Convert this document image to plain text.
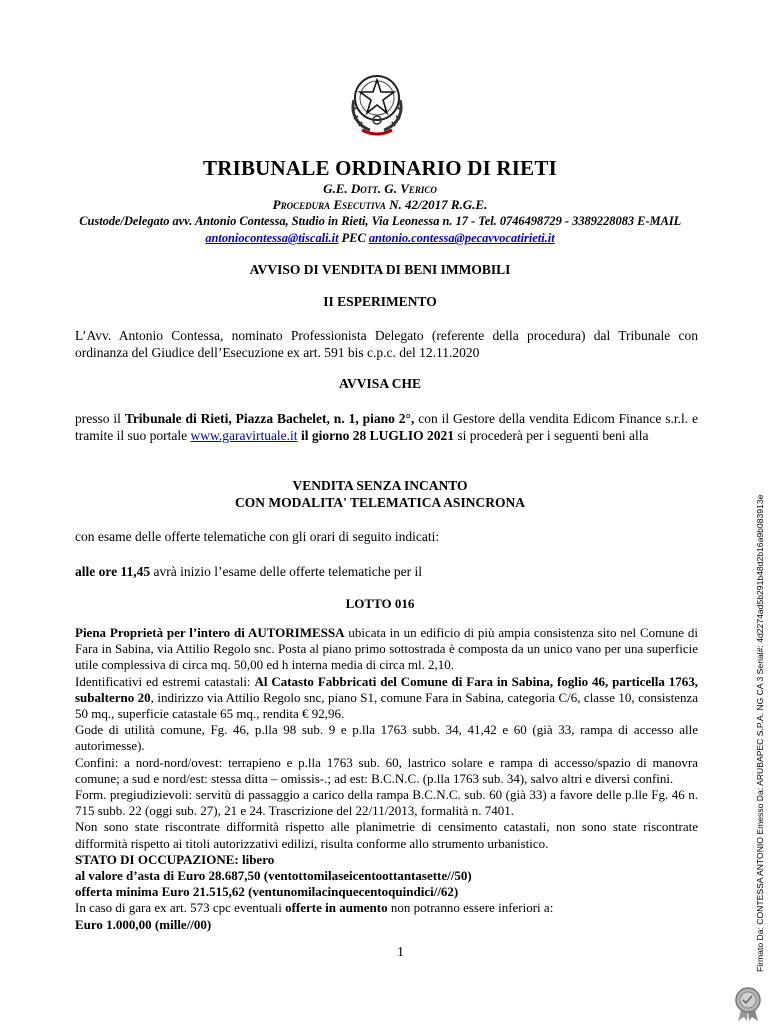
TRIBUNALE ORDINARIO DI RIETI
G.E. Dott. G. Verico
Procedura Esecutiva N. 42/2017 R.G.E.
Custode/Delegato avv. Antonio Contessa, Studio in Rieti, Via Leonessa n. 17 - Tel. 0746498729 - 3389228083 E-MAIL antoniocontessa@tiscali.it PEC antonio.contessa@pecavvocatirieti.it
AVVISO DI VENDITA DI BENI IMMOBILI
II ESPERIMENTO
L’Avv. Antonio Contessa, nominato Professionista Delegato (referente della procedura) dal Tribunale con ordinanza del Giudice dell’Esecuzione ex art. 591 bis c.p.c. del 12.11.2020
AVVISA CHE
presso il Tribunale di Rieti, Piazza Bachelet, n. 1, piano 2°, con il Gestore della vendita Edicom Finance s.r.l. e tramite il suo portale www.garavirtuale.it il giorno 28 LUGLIO 2021 si procederà per i seguenti beni alla
VENDITA SENZA INCANTO
CON MODALITA' TELEMATICA ASINCRONA
con esame delle offerte telematiche con gli orari di seguito indicati:
alle ore 11,45 avrà inizio l’esame delle offerte telematiche per il
LOTTO 016

Piena Proprietà per l’intero di AUTORIMESSA ubicata in un edificio di più ampia consistenza sito nel Comune di Fara in Sabina, via Attilio Regolo snc. Posta al piano primo sottostrada è composta da un unico vano per una superficie utile complessiva di circa mq. 50,00 ed h interna media di circa ml. 2,10.

Identificativi ed estremi catastali: Al Catasto Fabbricati del Comune di Fara in Sabina, foglio 46, particella 1763, subalterno 20, indirizzo via Attilio Regolo snc, piano S1, comune Fara in Sabina, categoria C/6, classe 10, consistenza 50 mq., superficie catastale 65 mq., rendita € 92,96.

Gode di utilità comune, Fg. 46, p.lla 98 sub. 9 e p.lla 1763 subb. 34, 41,42 e 60 (già 33, rampa di accesso alle autorimesse).

Confini: a nord-nord/ovest: terrapieno e p.lla 1763 sub. 60, lastrico solare e rampa di accesso/spazio di manovra comune; a sud e nord/est: stessa ditta – omissis-.; ad est: B.C.N.C. (p.lla 1763 sub. 34), salvo altri e diversi confini.

Form. pregiudizievoli: servitù di passaggio a carico della rampa B.C.N.C. sub. 60 (già 33) a favore delle p.lle Fg. 46 n. 715 subb. 22 (oggi sub. 27), 21 e 24. Trascrizione del 22/11/2013, formalità n. 7401.

Non sono state riscontrate difformità rispetto alle planimetrie di censimento catastali, non sono state riscontrate difformità rispetto ai titoli autorizzativi edilizi, risulta conforme allo strumento urbanistico.

STATO DI OCCUPAZIONE: libero

al valore d’asta di Euro 28.687,50 (ventottomilaseicentoottantasette//50)

offerta minima Euro 21.515,62 (ventunomilacinquecentoquindici//62)

In caso di gara ex art. 573 cpc eventuali offerte in aumento non potranno essere inferiori a:

Euro 1.000,00 (mille//00)

1	Firmato Da: CONTESSA ANTONIO Emesso Da: ARUBAPEC S.P.A. NG CA 3 Serial#: 4d2274ad5b291b48d2b16a9b083913e
